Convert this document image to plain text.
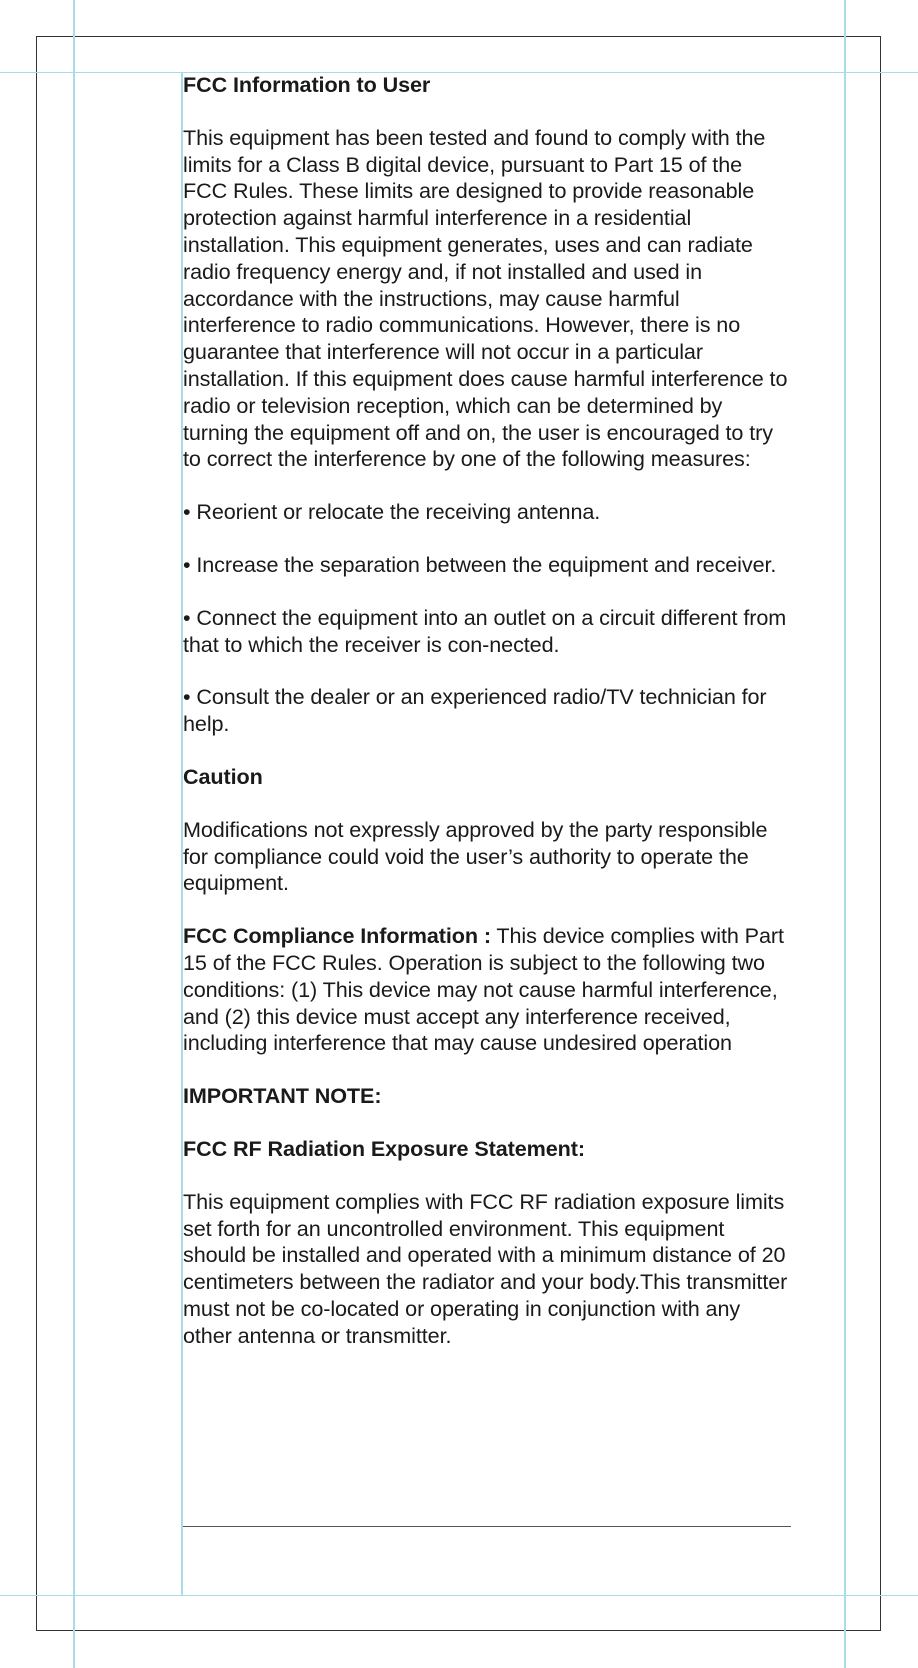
FCC Information to User

This equipment has been tested and found to comply with the limits for a Class B digital device, pursuant to Part 15 of the FCC Rules. These limits are designed to provide reasonable protection against harmful interference in a residential installation. This equipment generates, uses and can radiate radio frequency energy and, if not installed and used in accordance with the instructions, may cause harmful interference to radio communications. However, there is no guarantee that interference will not occur in a particular installation. If this equipment does cause harmful interference to radio or television reception, which can be determined by turning the equipment off and on, the user is encouraged to try to correct the interference by one of the following measures:

• Reorient or relocate the receiving antenna.

• Increase the separation between the equipment and receiver.

• Connect the equipment into an outlet on a circuit different from that to which the receiver is con-nected.

• Consult the dealer or an experienced radio/TV technician for help.

Caution

Modifications not expressly approved by the party responsible for compliance could void the user’s authority to operate the equipment.

FCC Compliance Information : This device complies with Part 15 of the FCC Rules. Operation is subject to the following two conditions: (1) This device may not cause harmful interference, and (2) this device must accept any interference received, including interference that may cause undesired operation

IMPORTANT NOTE:

FCC RF Radiation Exposure Statement:

This equipment complies with FCC RF radiation exposure limits set forth for an uncontrolled environment. This equipment should be installed and operated with a minimum distance of 20 centimeters between the radiator and your body.This transmitter must not be co-located or operating in conjunction with any other antenna or transmitter.
